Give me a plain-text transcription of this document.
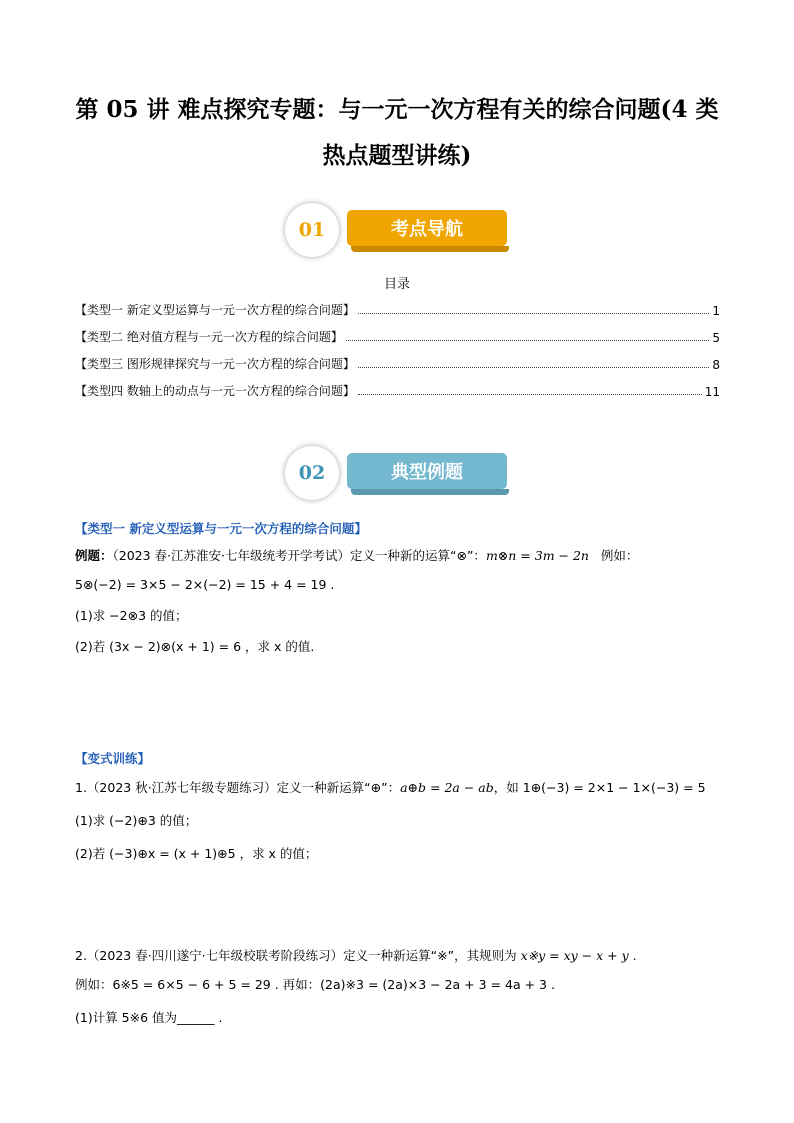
第 05 讲 难点探究专题：与一元一次方程有关的综合问题(4 类
热点题型讲练)
01	考点导航
目录
【类型一 新定义型运算与一元一次方程的综合问题】	1
【类型二 绝对值方程与一元一次方程的综合问题】	5
【类型三 图形规律探究与一元一次方程的综合问题】	8
【类型四 数轴上的动点与一元一次方程的综合问题】	11
02	典型例题
【类型一 新定义型运算与一元一次方程的综合问题】
例题：（2023 春·江苏淮安·七年级统考开学考试）定义一种新的运算“⊗”：m⊗n = 3m − 2n 例如：
5⊗(−2) = 3×5 − 2×(−2) = 15 + 4 = 19 .
(1)求 −2⊗3 的值；
(2)若 (3x − 2)⊗(x + 1) = 6 ，求 x 的值.
【变式训练】
1.（2023 秋·江苏七年级专题练习）定义一种新运算“⊕”：a⊕b = 2a − ab，如 1⊕(−3) = 2×1 − 1×(−3) = 5
(1)求 (−2)⊕3 的值；
(2)若 (−3)⊕x = (x + 1)⊕5 ，求 x 的值；
2.（2023 春·四川遂宁·七年级校联考阶段练习）定义一种新运算“※”，其规则为 x※y = xy − x + y .
例如：6※5 = 6×5 − 6 + 5 = 29 . 再如：(2a)※3 = (2a)×3 − 2a + 3 = 4a + 3 .
(1)计算 5※6 值为______ .
